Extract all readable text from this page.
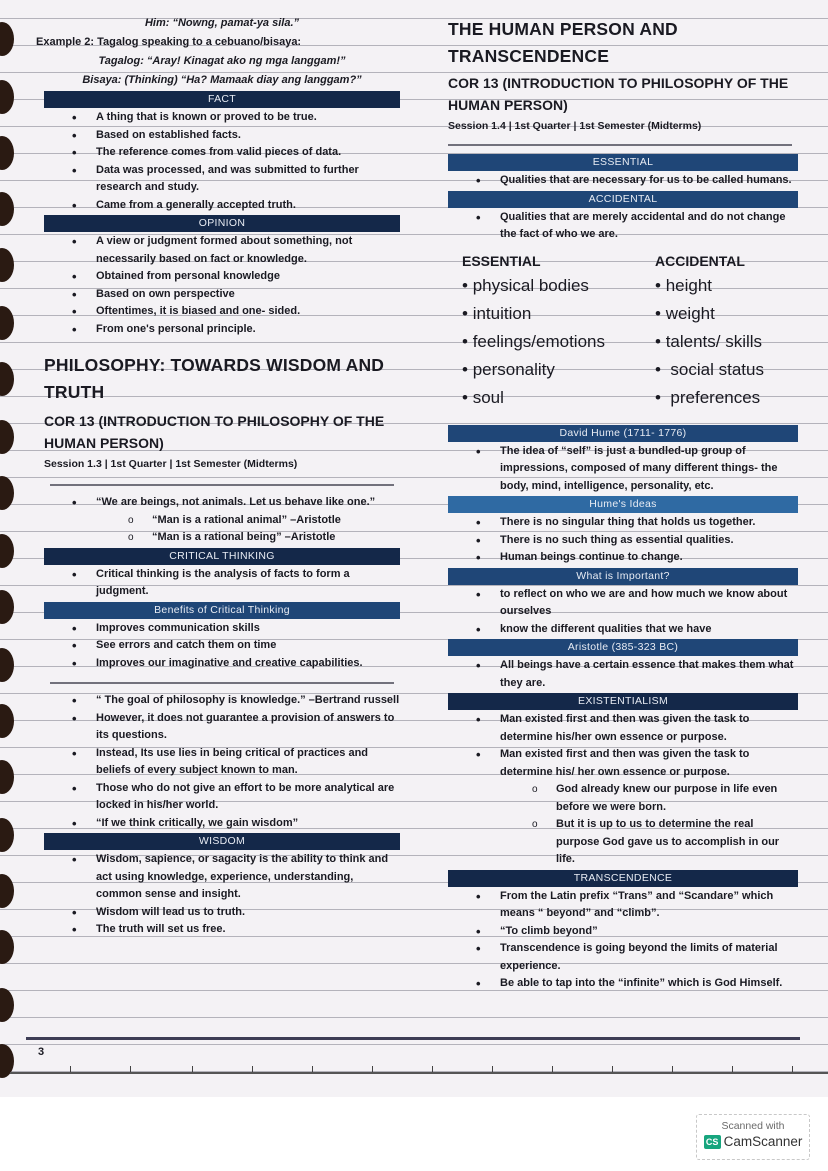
Him: “Nowng, pamat-ya sila.”
Example 2: Tagalog speaking to a cebuano/bisaya:
Tagalog: “Aray! Kinagat ako ng mga langgam!”
Bisaya: (Thinking) “Ha? Mamaak diay ang langgam?”
FACT
• A thing that is known or proved to be true.
• Based on established facts.
• The reference comes from valid pieces of data.
• Data was processed, and was submitted to further research and study.
• Came from a generally accepted truth.
OPINION
• A view or judgment formed about something, not necessarily based on fact or knowledge.
• Obtained from personal knowledge
• Based on own perspective
• Oftentimes, it is biased and one- sided.
• From one's personal principle.
PHILOSOPHY: TOWARDS WISDOM AND TRUTH
COR 13 (INTRODUCTION TO PHILOSOPHY OF THE HUMAN PERSON)
Session 1.3 | 1st Quarter | 1st Semester (Midterms)
• “We are beings, not animals. Let us behave like one.”
o “Man is a rational animal” –Aristotle
o “Man is a rational being” –Aristotle
CRITICAL THINKING
• Critical thinking is the analysis of facts to form a judgment.
Benefits of Critical Thinking
• Improves communication skills
• See errors and catch them on time
• Improves our imaginative and creative capabilities.
• “ The goal of philosophy is knowledge.” –Bertrand russell
• However, it does not guarantee a provision of answers to its questions.
• Instead, Its use lies in being critical of practices and beliefs of every subject known to man.
• Those who do not give an effort to be more analytical are locked in his/her world.
• “If we think critically, we gain wisdom”
WISDOM
• Wisdom, sapience, or sagacity is the ability to think and act using knowledge, experience, understanding, common sense and insight.
• Wisdom will lead us to truth.
• The truth will set us free.
THE HUMAN PERSON AND TRANSCENDENCE
COR 13 (INTRODUCTION TO PHILOSOPHY OF THE HUMAN PERSON)
Session 1.4 | 1st Quarter | 1st Semester (Midterms)
ESSENTIAL
• Qualities that are necessary for us to be called humans.
ACCIDENTAL
• Qualities that are merely accidental and do not change the fact of who we are.
ESSENTIAL
• physical bodies
• intuition
• feelings/emotions
• personality
• soul
ACCIDENTAL
• height
• weight
• talents/ skills
•  social status
•  preferences
David Hume (1711- 1776)
• The idea of “self” is just a bundled-up group of impressions, composed of many different things- the body, mind, intelligence, personality, etc.
Hume's Ideas
• There is no singular thing that holds us together.
• There is no such thing as essential qualities.
• Human beings continue to change.
What is Important?
• to reflect on who we are and how much we know about ourselves
• know the different qualities that we have
Aristotle (385-323 BC)
• All beings have a certain essence that makes them what they are.
EXISTENTIALISM
• Man existed first and then was given the task to determine his/her own essence or purpose.
• Man existed first and then was given the task to determine his/ her own essence or purpose.
o God already knew our purpose in life even before we were born.
o But it is up to us to determine the real purpose God gave us to accomplish in our life.
TRANSCENDENCE
• From the Latin prefix “Trans” and “Scandare” which means “ beyond” and “climb”.
• “To climb beyond”
• Transcendence is going beyond the limits of material experience.
• Be able to tap into the “infinite” which is God Himself.
3
Scanned with
CS CamScanner
